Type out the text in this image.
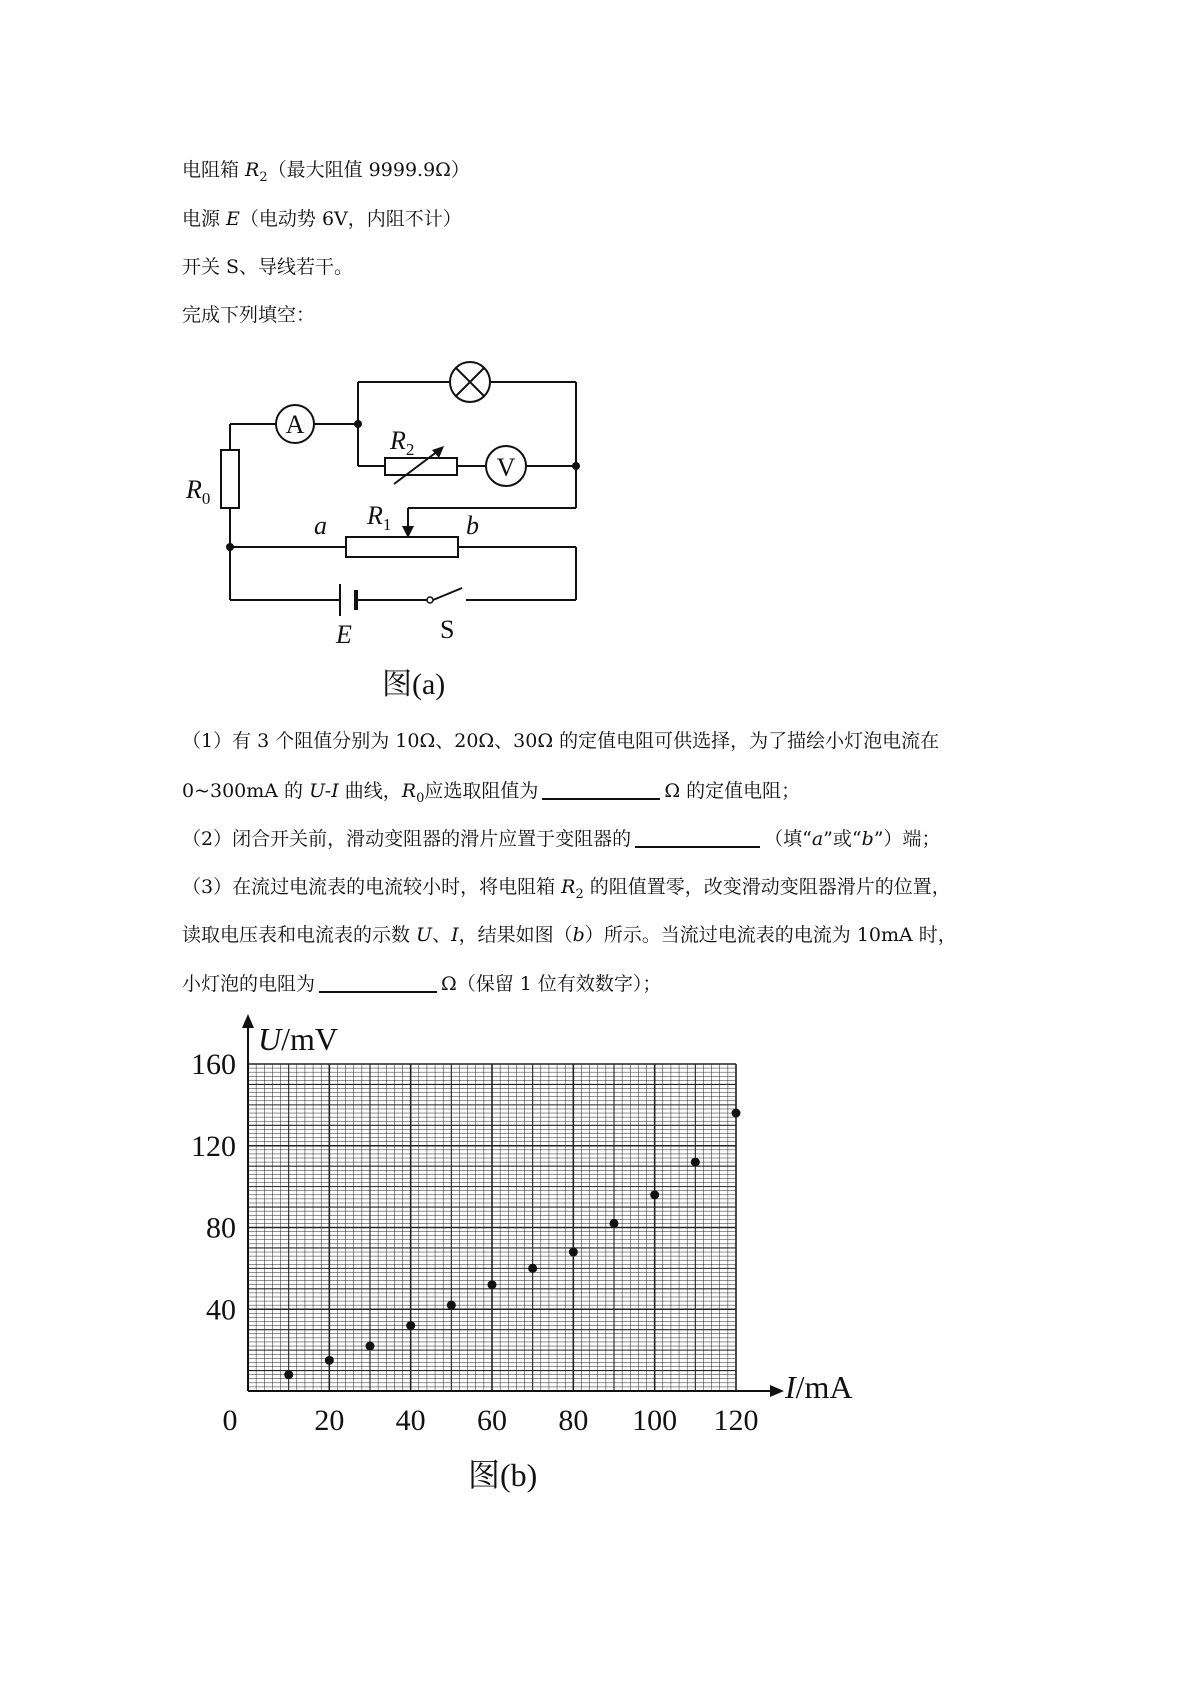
电阻箱 $R_2$（最大阻值 9999.9Ω）
电源 E（电动势 6V，内阻不计）
开关 S、导线若干。
完成下列填空：
A
V
$R_2$
$R_0$
$R_1$
a	b
E	S
图(a)
（1）有 3 个阻值分别为 10Ω、20Ω、30Ω 的定值电阻可供选择，为了描绘小灯泡电流在
0~300mA 的 U-I 曲线，$R_0$应选取阻值为	Ω 的定值电阻；
（2）闭合开关前，滑动变阻器的滑片应置于变阻器的	（填“a”或“b”）端；
（3）在流过电流表的电流较小时，将电阻箱 $R_2$ 的阻值置零，改变滑动变阻器滑片的位置，
读取电压表和电流表的示数 U、I，结果如图（b）所示。当流过电流表的电流为 10mA 时，
小灯泡的电阻为	Ω（保留 1 位有效数字）；
0	20 40 60 80 100 120
40
80
120
160
U/mV
I/mA
图(b)
